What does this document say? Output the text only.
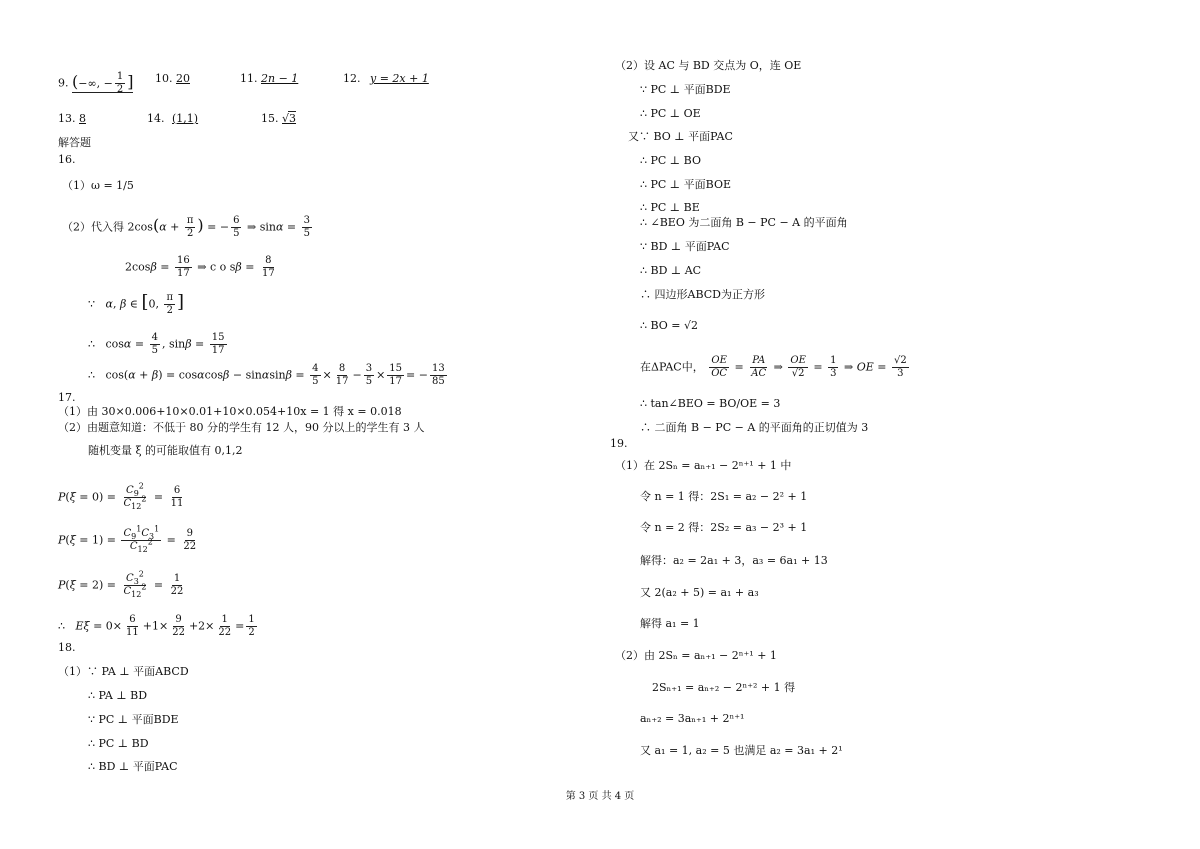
9. (−∞, − $\frac{1}{2}$ ] 10. 20	11. 2n − 1	12. y = 2x + 1
13. 8	14. (1,1)	15. √3
解答题
16.
（1）ω = 1/5
（2）代入得 $2\cos(\alpha + \frac{\pi}{2}$ ) = − $\frac{6}{5}$ ⇒ $\sin\alpha = \frac{3}{5}$
$2\cos\beta = \frac{16}{17}$ ⇒ c o $s\beta = \frac{8}{17}$
∵   α, β ∈ [0, $\frac{\pi}{2}$ ]
∴   $\cos\alpha = \frac{4}{5}$ , $\sin\beta = \frac{15}{17}$
∴   $\cos(\alpha + \beta) = \cos\alpha\cos\beta - \sin\alpha\sin\beta = \frac{4}{5} \times \frac{8}{17} - \frac{3}{5} \times \frac{15}{17}$ = − $\frac{13}{85}$
17.
（1）由 30×0.006+10×0.01+10×0.054+10x = 1 得 x = 0.018
（2）由题意知道：不低于 80 分的学生有 12 人，90 分以上的学生有 3 人
随机变量 ξ 的可能取值有 0,1,2
$P(\xi = 0) = \frac{C_9^2}{C_{12}^2} = \frac{6}{11}$
$P(\xi = 1) = \frac{C_9^1C_3^1}{C_{12}^2} = \frac{9}{22}$
$P(\xi = 2) = \frac{C_3^2}{C_{12}^2} = \frac{1}{22}$
∴   $E\xi = 0\times \frac{6}{11} +1\times \frac{9}{22} +2\times \frac{1}{22} = \frac{1}{2}$
18.
（1）∵ PA ⊥ 平面ABCD
∴ PA ⊥ BD
∵ PC ⊥ 平面BDE
∴ PC ⊥ BD
∴ BD ⊥ 平面PAC
（2）设 AC 与 BD 交点为 O，连 OE
∵ PC ⊥ 平面BDE
∴ PC ⊥ OE
又∵ BO ⊥ 平面PAC
∴ PC ⊥ BO
∴ PC ⊥ 平面BOE
∴ PC ⊥ BE
∴ ∠BEO 为二面角 B − PC − A 的平面角
∵ BD ⊥ 平面PAC
∴ BD ⊥ AC
∴ 四边形ABCD为正方形
∴ BO = √2
在ΔPAC中， $\frac{OE}{OC} = \frac{PA}{AC}$ ⇒ $\frac{OE}{√2} = \frac{1}{3}$ ⇒ OE = $\frac{√2}{3}$
∴ tan∠BEO = BO/OE = 3
∴ 二面角 B − PC − A 的平面角的正切值为 3
19.
（1）在 2Sₙ = aₙ₊₁ − 2ⁿ⁺¹ + 1 中
令 n = 1 得：2S₁ = a₂ − 2² + 1
令 n = 2 得：2S₂ = a₃ − 2³ + 1
解得：a₂ = 2a₁ + 3，a₃ = 6a₁ + 13
又 2(a₂ + 5) = a₁ + a₃
解得 a₁ = 1
（2）由 2Sₙ = aₙ₊₁ − 2ⁿ⁺¹ + 1
2Sₙ₊₁ = aₙ₊₂ − 2ⁿ⁺² + 1 得
aₙ₊₂ = 3aₙ₊₁ + 2ⁿ⁺¹
又 a₁ = 1, a₂ = 5 也满足 a₂ = 3a₁ + 2¹
第 3 页 共 4 页
